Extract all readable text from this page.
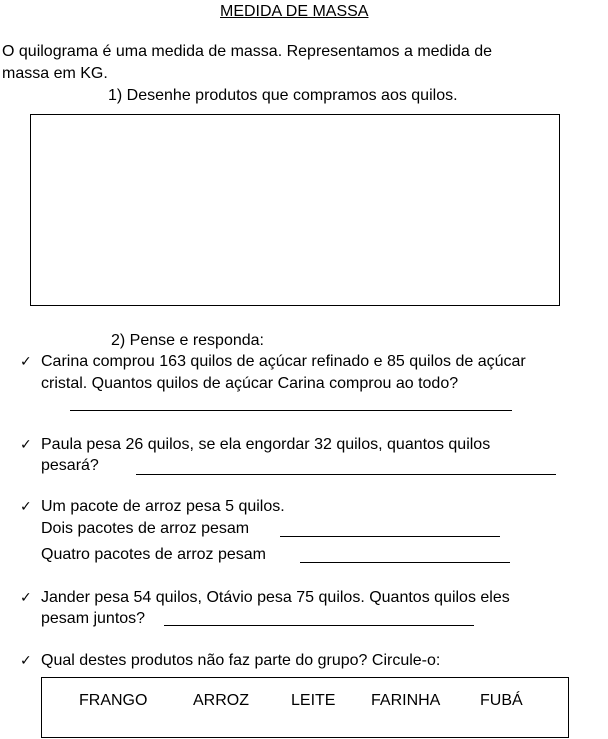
MEDIDA DE MASSA
O quilograma é uma medida de massa. Representamos a medida de
massa em KG.
1) Desenhe produtos que compramos aos quilos.
2) Pense e responda:
✓ Carina comprou 163 quilos de açúcar refinado e 85 quilos de açúcar
cristal. Quantos quilos de açúcar Carina comprou ao todo?
✓ Paula pesa 26 quilos, se ela engordar 32 quilos, quantos quilos
pesará?
✓ Um pacote de arroz pesa 5 quilos.
Dois pacotes de arroz pesam
Quatro pacotes de arroz pesam
✓ Jander pesa 54 quilos, Otávio pesa 75 quilos. Quantos quilos eles
pesam juntos?
✓ Qual destes produtos não faz parte do grupo? Circule-o:
FRANGO	ARROZ	LEITE FARINHA FUBÁ
